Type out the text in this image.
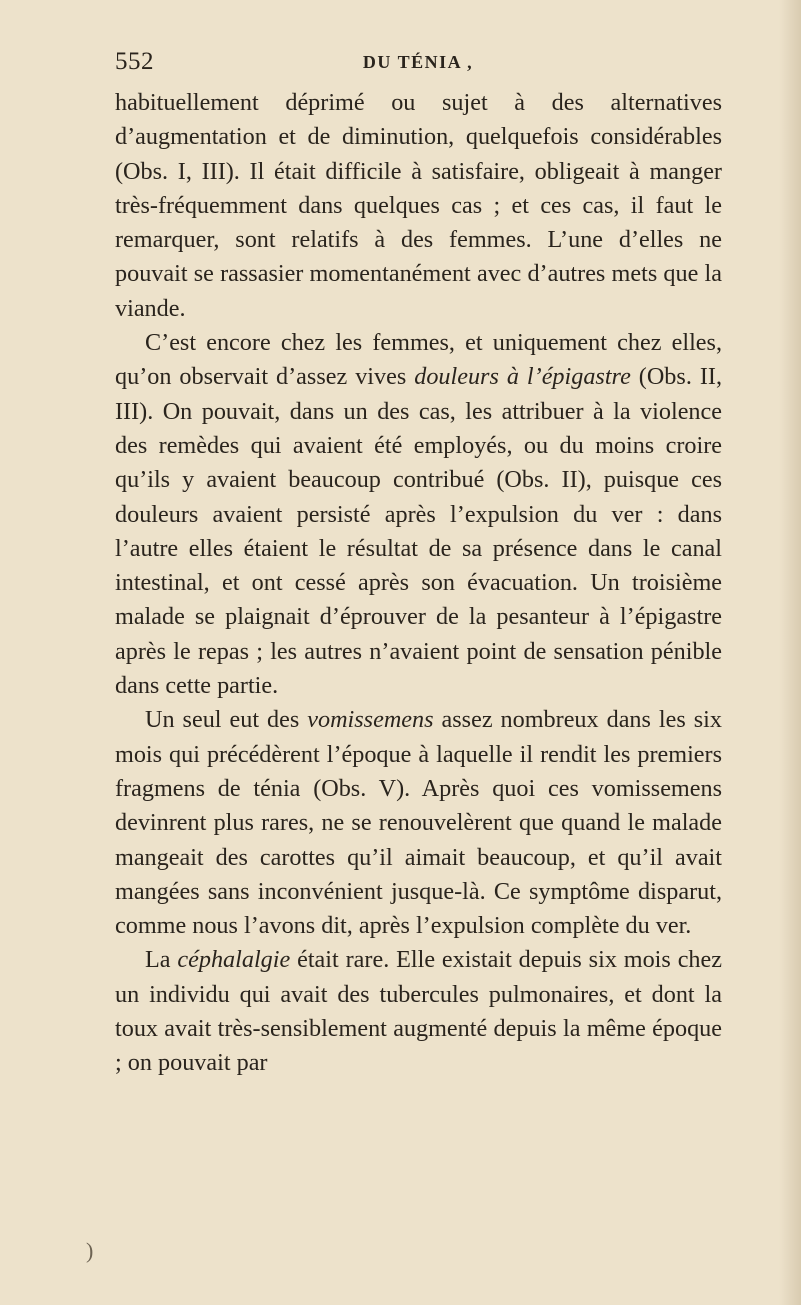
552	DU TÉNIA ,

habituellement déprimé ou sujet à des alternatives d’augmentation et de diminution, quelquefois considérables (Obs. I, III). Il était difficile à satisfaire, obligeait à manger très-fréquemment dans quelques cas ; et ces cas, il faut le remarquer, sont relatifs à des femmes. L’une d’elles ne pouvait se rassasier momentanément avec d’autres mets que la viande.

C’est encore chez les femmes, et uniquement chez elles, qu’on observait d’assez vives douleurs à l’épigastre (Obs. II, III). On pouvait, dans un des cas, les attribuer à la violence des remèdes qui avaient été employés, ou du moins croire qu’ils y avaient beaucoup contribué (Obs. II), puisque ces douleurs avaient persisté après l’expulsion du ver : dans l’autre elles étaient le résultat de sa présence dans le canal intestinal, et ont cessé après son évacuation. Un troisième malade se plaignait d’éprouver de la pesanteur à l’épigastre après le repas ; les autres n’avaient point de sensation pénible dans cette partie.

Un seul eut des vomissemens assez nombreux dans les six mois qui précédèrent l’époque à laquelle il rendit les premiers fragmens de ténia (Obs. V). Après quoi ces vomissemens devinrent plus rares, ne se renouvelèrent que quand le malade mangeait des carottes qu’il aimait beaucoup, et qu’il avait mangées sans inconvénient jusque-là. Ce symptôme disparut, comme nous l’avons dit, après l’expulsion complète du ver.

La céphalalgie était rare. Elle existait depuis six mois chez un individu qui avait des tubercules pulmonaires, et dont la toux avait très-sensiblement augmenté depuis la même époque ; on pouvait par

)
